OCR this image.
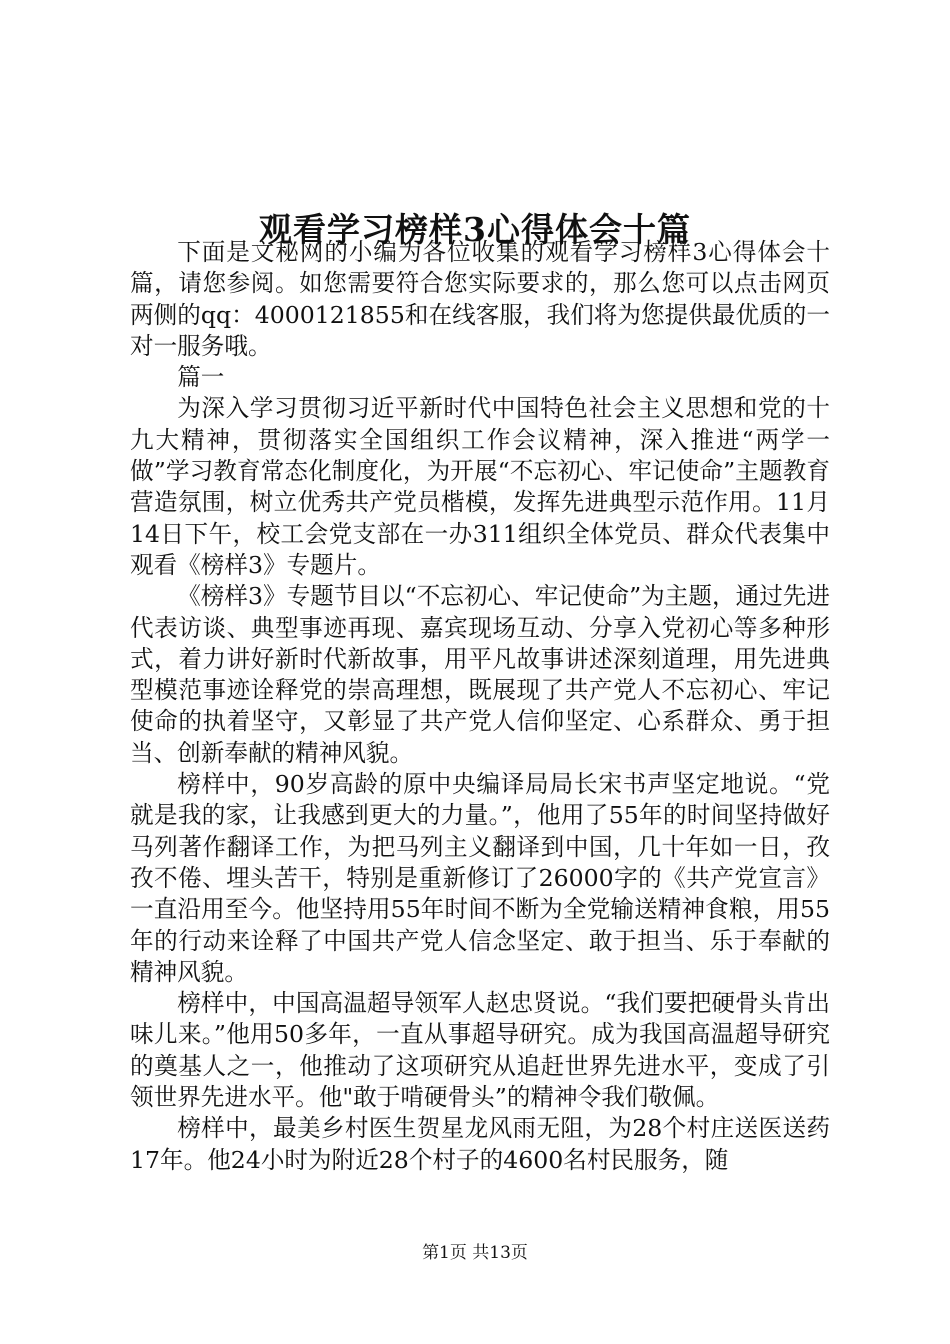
观看学习榜样3心得体会十篇

下面是文秘网的小编为各位收集的观看学习榜样3心得体会十篇，请您参阅。如您需要符合您实际要求的，那么您可以点击网页两侧的qq：4000121855和在线客服，我们将为您提供最优质的一对一服务哦。

篇一

为深入学习贯彻习近平新时代中国特色社会主义思想和党的十九大精神，贯彻落实全国组织工作会议精神，深入推进“两学一做”学习教育常态化制度化，为开展“不忘初心、牢记使命”主题教育营造氛围，树立优秀共产党员楷模，发挥先进典型示范作用。11月14日下午，校工会党支部在一办311组织全体党员、群众代表集中观看《榜样3》专题片。

《榜样3》专题节目以“不忘初心、牢记使命”为主题，通过先进代表访谈、典型事迹再现、嘉宾现场互动、分享入党初心等多种形式，着力讲好新时代新故事，用平凡故事讲述深刻道理，用先进典型模范事迹诠释党的崇高理想，既展现了共产党人不忘初心、牢记使命的执着坚守，又彰显了共产党人信仰坚定、心系群众、勇于担当、创新奉献的精神风貌。

榜样中，90岁高龄的原中央编译局局长宋书声坚定地说。“党就是我的家，让我感到更大的力量。”，他用了55年的时间坚持做好马列著作翻译工作，为把马列主义翻译到中国，几十年如一日，孜孜不倦、埋头苦干，特别是重新修订了26000字的《共产党宣言》一直沿用至今。他坚持用55年时间不断为全党输送精神食粮，用55年的行动来诠释了中国共产党人信念坚定、敢于担当、乐于奉献的精神风貌。

榜样中，中国高温超导领军人赵忠贤说。“我们要把硬骨头肯出味儿来。”他用50多年，一直从事超导研究。成为我国高温超导研究的奠基人之一，他推动了这项研究从追赶世界先进水平，变成了引领世界先进水平。他"敢于啃硬骨头”的精神令我们敬佩。

榜样中，最美乡村医生贺星龙风雨无阻，为28个村庄送医送药17年。他24小时为附近28个村子的4600名村民服务，随

第1页 共13页
